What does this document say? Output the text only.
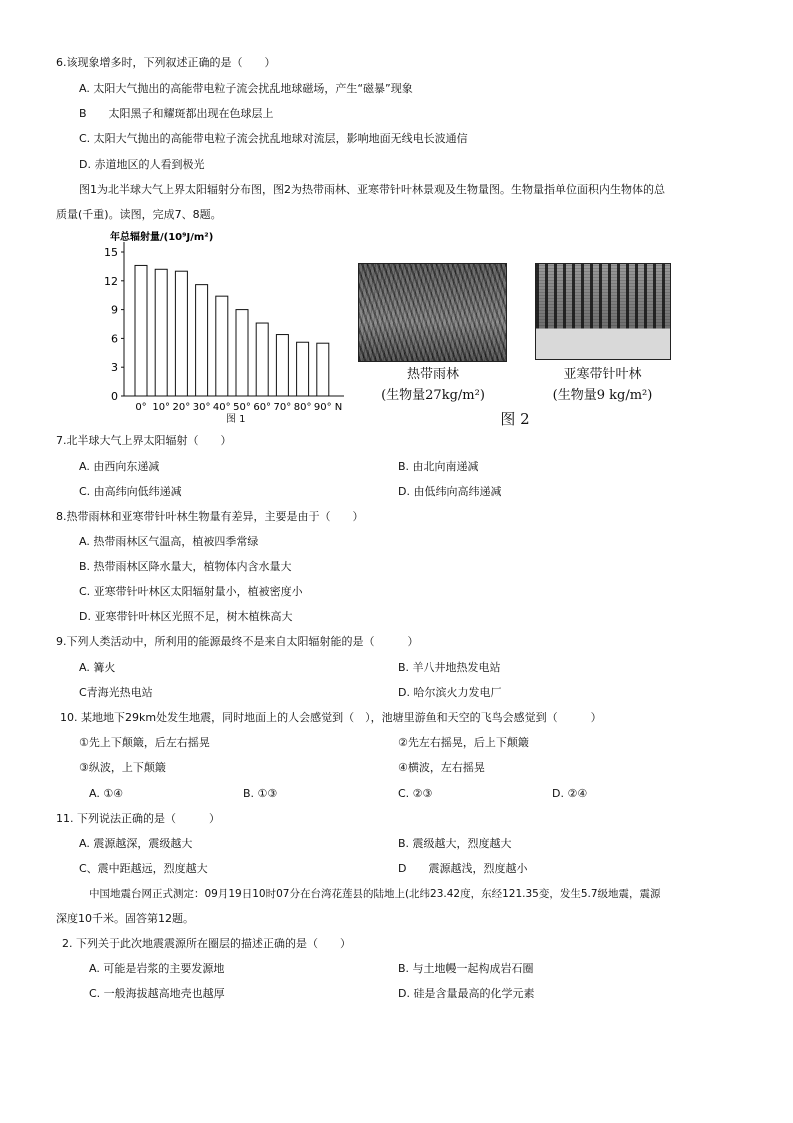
6.该现象增多时，下列叙述正确的是（　　）
A. 太阳大气抛出的高能带电粒子流会扰乱地球磁场，产生“磁暴”现象
B　　太阳黑子和耀斑都出现在色球层上
C. 太阳大气抛出的高能带电粒子流会扰乱地球对流层，影响地面无线电长波通信
D. 赤道地区的人看到极光
图1为北半球大气上界太阳辐射分布图，图2为热带雨林、亚寒带针叶林景观及生物量图。生物量指单位面积内生物体的总
质量(千重)。读图，完成7、8题。
年总辐射量/(10⁹J/m²)
0
3
6
9
12
15
0° 10° 20° 30° 40° 50° 60° 70° 80° 90° N
图 1
热带雨林
(生物量27kg/m²)
亚寒带针叶林
(生物量9 kg/m²)
图 2
7.北半球大气上界太阳辐射（　　）
A. 由西向东递减	B. 由北向南递减
C. 由高纬向低纬递减	D. 由低纬向高纬递减
8.热带雨林和亚寒带针叶林生物量有差异，主要是由于（　　）
A. 热带雨林区气温高，植被四季常绿
B. 热带雨林区降水量大，植物体内含水量大
C. 亚寒带针叶林区太阳辐射量小，植被密度小
D. 亚寒带针叶林区光照不足，树木植株高大
9.下列人类活动中，所利用的能源最终不是来自太阳辐射能的是（　　　）
A. 篝火	B. 羊八井地热发电站
C青海光热电站	D. 哈尔滨火力发电厂
10. 某地地下29km处发生地震，同时地面上的人会感觉到（　），池塘里游鱼和天空的飞鸟会感觉到（　　　）
①先上下颠簸，后左右摇晃	②先左右摇晃，后上下颠簸
③纵波，上下颠簸	④横波，左右摇晃
A. ①④	B. ①③	C. ②③	D. ②④
11. 下列说法正确的是（　　　）
A. 震源越深，震级越大	B. 震级越大，烈度越大
C、震中距越远，烈度越大	D　　震源越浅，烈度越小
中国地震台网正式测定：09月19日10时07分在台湾花莲县的陆地上(北纬23.42度，东经121.35变，发生5.7级地震，震源
深度10千米。固答第12题。
2. 下列关于此次地震震源所在圈层的描述正确的是（　　）
A. 可能是岩浆的主要发源地	B. 与土地幔一起构成岩石圈
C. 一般海拔越高地壳也越厚	D. 硅是含量最高的化学元素
